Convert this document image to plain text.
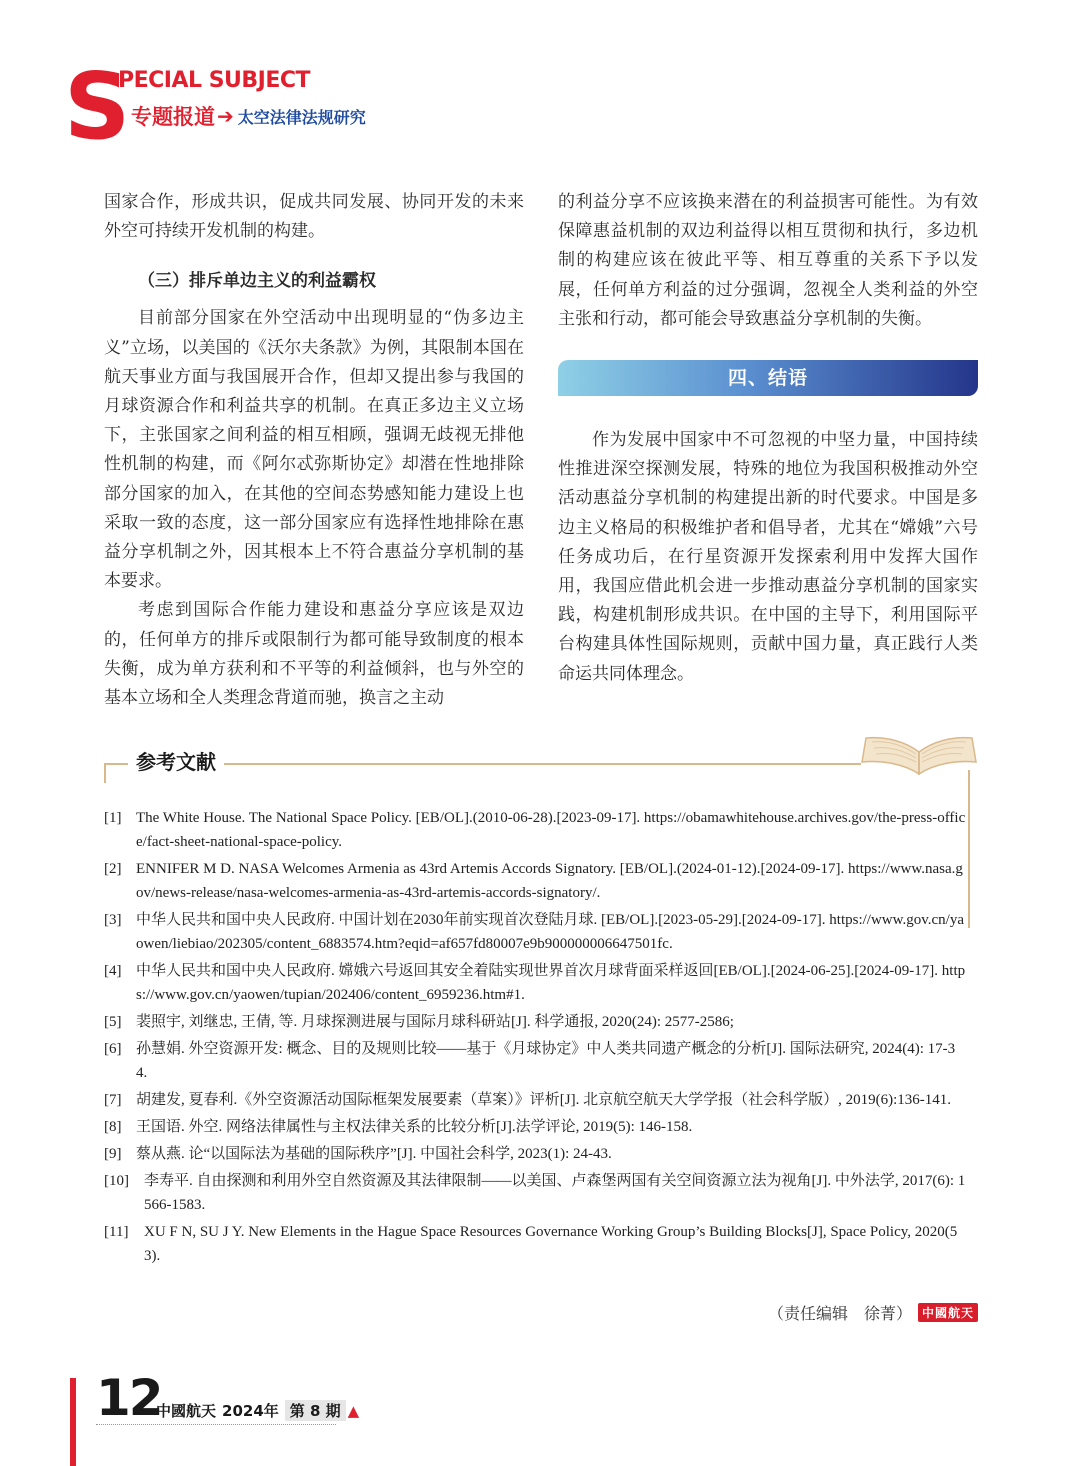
S
PECIAL SUBJECT
专题报道 ➔ 太空法律法规研究

国家合作，形成共识，促成共同发展、协同开发的未来外空可持续开发机制的构建。

（三）排斥单边主义的利益霸权

目前部分国家在外空活动中出现明显的“伪多边主义”立场，以美国的《沃尔夫条款》为例，其限制本国在航天事业方面与我国展开合作，但却又提出参与我国的月球资源合作和利益共享的机制。在真正多边主义立场下，主张国家之间利益的相互相顾，强调无歧视无排他性机制的构建，而《阿尔忒弥斯协定》却潜在性地排除部分国家的加入，在其他的空间态势感知能力建设上也采取一致的态度，这一部分国家应有选择性地排除在惠益分享机制之外，因其根本上不符合惠益分享机制的基本要求。

考虑到国际合作能力建设和惠益分享应该是双边的，任何单方的排斥或限制行为都可能导致制度的根本失衡，成为单方获利和不平等的利益倾斜，也与外空的基本立场和全人类理念背道而驰，换言之主动

的利益分享不应该换来潜在的利益损害可能性。为有效保障惠益机制的双边利益得以相互贯彻和执行，多边机制的构建应该在彼此平等、相互尊重的关系下予以发展，任何单方利益的过分强调，忽视全人类利益的外空主张和行动，都可能会导致惠益分享机制的失衡。

四、结语

作为发展中国家中不可忽视的中坚力量，中国持续性推进深空探测发展，特殊的地位为我国积极推动外空活动惠益分享机制的构建提出新的时代要求。中国是多边主义格局的积极维护者和倡导者，尤其在“嫦娥”六号任务成功后，在行星资源开发探索利用中发挥大国作用，我国应借此机会进一步推动惠益分享机制的国家实践，构建机制形成共识。在中国的主导下，利用国际平台构建具体性国际规则，贡献中国力量，真正践行人类命运共同体理念。

参考文献
[1] The White House. The National Space Policy. [EB/OL].(2010-06-28).[2023-09-17]. https://obamawhitehouse.archives.gov/the-press-office/fact-sheet-national-space-policy.
[2] ENNIFER M D. NASA Welcomes Armenia as 43rd Artemis Accords Signatory. [EB/OL].(2024-01-12).[2024-09-17]. https://www.nasa.gov/news-release/nasa-welcomes-armenia-as-43rd-artemis-accords-signatory/.
[3] 中华人民共和国中央人民政府. 中国计划在2030年前实现首次登陆月球. [EB/OL].[2023-05-29].[2024-09-17]. https://www.gov.cn/yaowen/liebiao/202305/content_6883574.htm?eqid=af657fd80007e9b900000006647501fc.
[4] 中华人民共和国中央人民政府. 嫦娥六号返回其安全着陆实现世界首次月球背面采样返回[EB/OL].[2024-06-25].[2024-09-17]. https://www.gov.cn/yaowen/tupian/202406/content_6959236.htm#1.
[5] 裴照宇, 刘继忠, 王倩, 等. 月球探测进展与国际月球科研站[J]. 科学通报, 2020(24): 2577-2586;
[6] 孙慧娟. 外空资源开发: 概念、目的及规则比较——基于《月球协定》中人类共同遗产概念的分析[J]. 国际法研究, 2024(4): 17-34.
[7] 胡建发, 夏春利.《外空资源活动国际框架发展要素（草案）》评析[J]. 北京航空航天大学学报（社会科学版）, 2019(6):136-141.
[8] 王国语. 外空. 网络法律属性与主权法律关系的比较分析[J].法学评论, 2019(5): 146-158.
[9] 蔡从燕. 论“以国际法为基础的国际秩序”[J]. 中国社会科学, 2023(1): 24-43.
[10]	李寿平. 自由探测和利用外空自然资源及其法律限制——以美国、卢森堡两国有关空间资源立法为视角[J]. 中外法学, 2017(6): 1566-1583.
[11]	XU F N, SU J Y. New Elements in the Hague Space Resources Governance Working Group’s Building Blocks[J], Space Policy, 2020(53).
（责任编辑　徐菁） 中國航天
12
中國航天 2024年 第 8 期 ▲
